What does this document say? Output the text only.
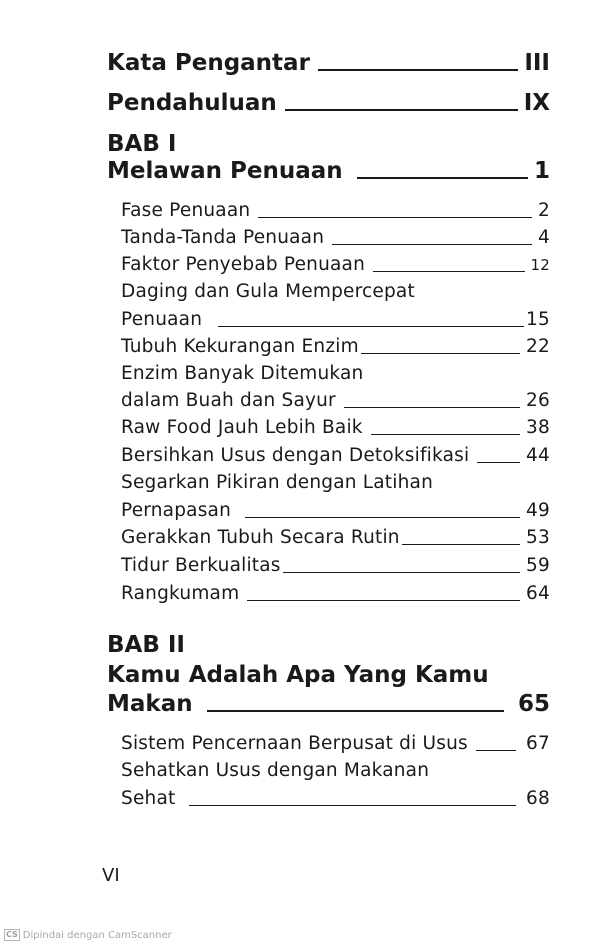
Kata Pengantar	III
Pendahuluan	IX
BAB I
Melawan Penuaan	1
Fase Penuaan	2
Tanda-Tanda Penuaan	4
Faktor Penyebab Penuaan	12
Daging dan Gula Mempercepat
Penuaan	15
Tubuh Kekurangan Enzim	22
Enzim Banyak Ditemukan
dalam Buah dan Sayur	26
Raw Food Jauh Lebih Baik	38
Bersihkan Usus dengan Detoksifikasi	44
Segarkan Pikiran dengan Latihan
Pernapasan	49
Gerakkan Tubuh Secara Rutin	53
Tidur Berkualitas	59
Rangkumam	64
BAB II
Kamu Adalah Apa Yang Kamu
Makan	65
Sistem Pencernaan Berpusat di Usus	67
Sehatkan Usus dengan Makanan
Sehat	68
VI
CS Dipindai dengan CamScanner
